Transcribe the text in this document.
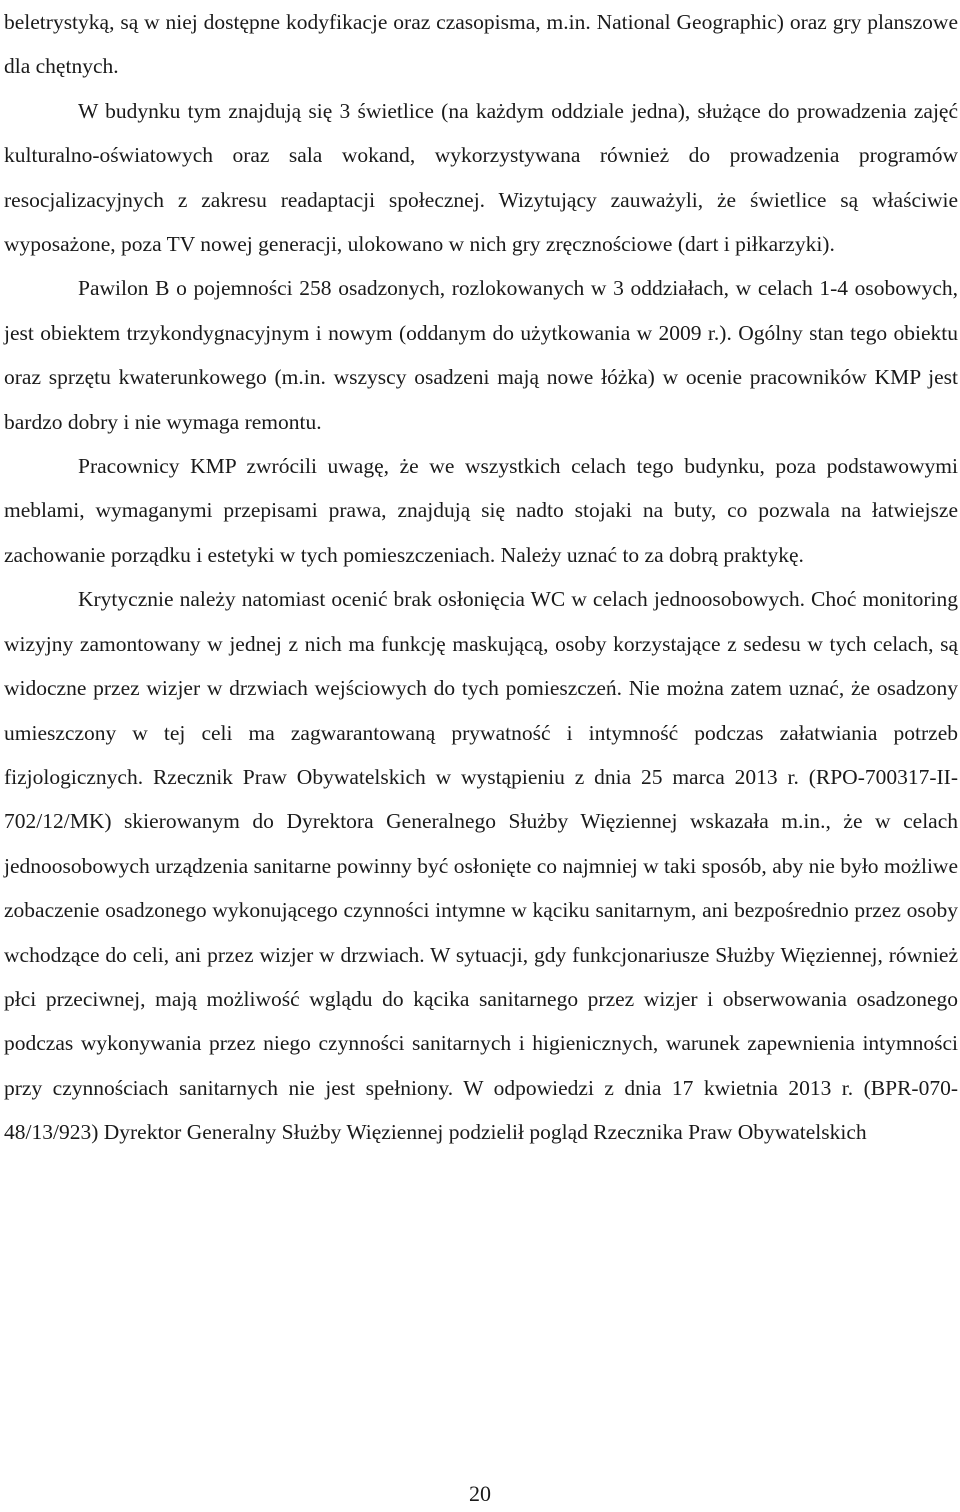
beletrystyką, są w niej dostępne kodyfikacje oraz czasopisma, m.in. National Geographic) oraz gry planszowe dla chętnych.

W budynku tym znajdują się 3 świetlice (na każdym oddziale jedna), służące do prowadzenia zajęć kulturalno-oświatowych oraz sala wokand, wykorzystywana również do prowadzenia programów resocjalizacyjnych z zakresu readaptacji społecznej. Wizytujący zauważyli, że świetlice są właściwie wyposażone, poza TV nowej generacji, ulokowano w nich gry zręcznościowe (dart i piłkarzyki).

Pawilon B o pojemności 258 osadzonych, rozlokowanych w 3 oddziałach, w celach 1-4 osobowych, jest obiektem trzykondygnacyjnym i nowym (oddanym do użytkowania w 2009 r.). Ogólny stan tego obiektu oraz sprzętu kwaterunkowego (m.in. wszyscy osadzeni mają nowe łóżka) w ocenie pracowników KMP jest bardzo dobry i nie wymaga remontu.

Pracownicy KMP zwrócili uwagę, że we wszystkich celach tego budynku, poza podstawowymi meblami, wymaganymi przepisami prawa, znajdują się nadto stojaki na buty, co pozwala na łatwiejsze zachowanie porządku i estetyki w tych pomieszczeniach. Należy uznać to za dobrą praktykę.

Krytycznie należy natomiast ocenić brak osłonięcia WC w celach jednoosobowych. Choć monitoring wizyjny zamontowany w jednej z nich ma funkcję maskującą, osoby korzystające z sedesu w tych celach, są widoczne przez wizjer w drzwiach wejściowych do tych pomieszczeń. Nie można zatem uznać, że osadzony umieszczony w tej celi ma zagwarantowaną prywatność i intymność podczas załatwiania potrzeb fizjologicznych. Rzecznik Praw Obywatelskich w wystąpieniu z dnia 25 marca 2013 r. (RPO-700317-II-702/12/MK) skierowanym do Dyrektora Generalnego Służby Więziennej wskazała m.in., że w celach jednoosobowych urządzenia sanitarne powinny być osłonięte co najmniej w taki sposób, aby nie było możliwe zobaczenie osadzonego wykonującego czynności intymne w kąciku sanitarnym, ani bezpośrednio przez osoby wchodzące do celi, ani przez wizjer w drzwiach. W sytuacji, gdy funkcjonariusze Służby Więziennej, również płci przeciwnej, mają możliwość wglądu do kącika sanitarnego przez wizjer i obserwowania osadzonego podczas wykonywania przez niego czynności sanitarnych i higienicznych, warunek zapewnienia intymności przy czynnościach sanitarnych nie jest spełniony. W odpowiedzi z dnia 17 kwietnia 2013 r. (BPR-070-48/13/923) Dyrektor Generalny Służby Więziennej podzielił pogląd Rzecznika Praw Obywatelskich

20
